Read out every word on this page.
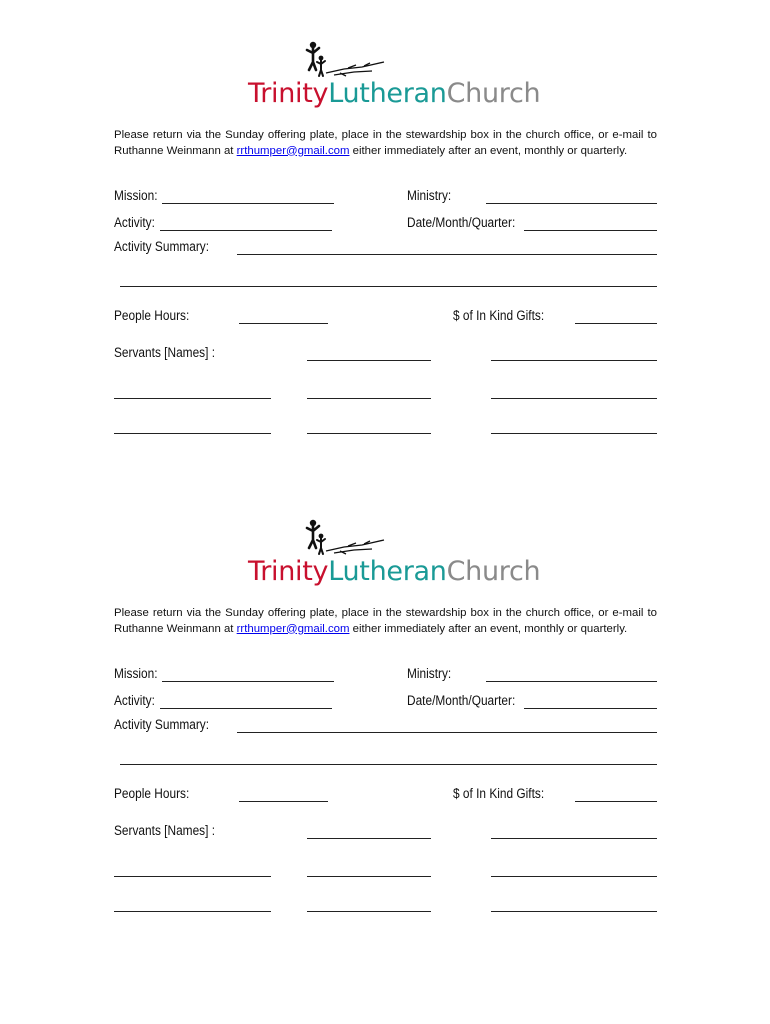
TrinityLutheranChurch
Please return via the Sunday offering plate, place in the stewardship box in the church office, or e-mail to Ruthanne Weinmann at rrthumper@gmail.com either immediately after an event, monthly or quarterly.
Mission:	Ministry:
Activity:	Date/Month/Quarter:
Activity Summary:
People Hours:	$ of In Kind Gifts:
Servants [Names] :
TrinityLutheranChurch
Please return via the Sunday offering plate, place in the stewardship box in the church office, or e-mail to Ruthanne Weinmann at rrthumper@gmail.com either immediately after an event, monthly or quarterly.
Mission:	Ministry:
Activity:	Date/Month/Quarter:
Activity Summary:
People Hours:	$ of In Kind Gifts:
Servants [Names] :
